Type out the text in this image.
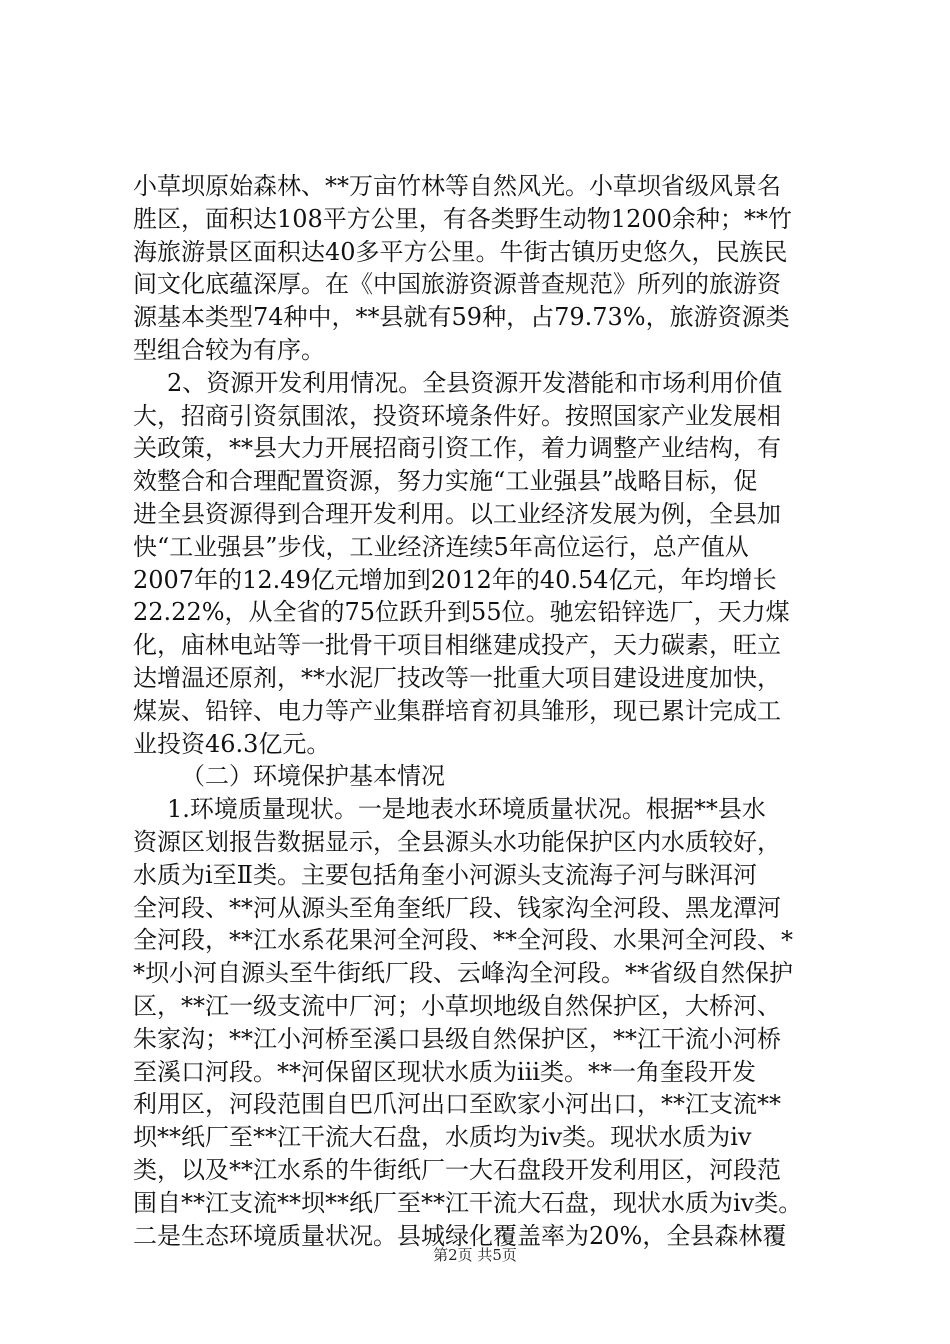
小草坝原始森林、**万亩竹林等自然风光。小草坝省级风景名
胜区，面积达108平方公里，有各类野生动物1200余种；**竹
海旅游景区面积达40多平方公里。牛街古镇历史悠久，民族民
间文化底蕴深厚。在《中国旅游资源普查规范》所列的旅游资
源基本类型74种中，**县就有59种，占79.73%，旅游资源类
型组合较为有序。
2、资源开发利用情况。全县资源开发潜能和市场利用价值
大，招商引资氛围浓，投资环境条件好。按照国家产业发展相
关政策，**县大力开展招商引资工作，着力调整产业结构，有
效整合和合理配置资源，努力实施“工业强县”战略目标，促
进全县资源得到合理开发利用。以工业经济发展为例，全县加
快“工业强县”步伐，工业经济连续5年高位运行，总产值从
2007年的12.49亿元增加到2012年的40.54亿元，年均增长
22.22%，从全省的75位跃升到55位。驰宏铅锌选厂，天力煤
化，庙林电站等一批骨干项目相继建成投产，天力碳素，旺立
达增温还原剂，**水泥厂技改等一批重大项目建设进度加快，
煤炭、铅锌、电力等产业集群培育初具雏形，现已累计完成工
业投资46.3亿元。
（二）环境保护基本情况
1.环境质量现状。一是地表水环境质量状况。根据**县水
资源区划报告数据显示，全县源头水功能保护区内水质较好，
水质为ⅰ至Ⅱ类。主要包括角奎小河源头支流海子河与眯洱河
全河段、**河从源头至角奎纸厂段、钱家沟全河段、黑龙潭河
全河段，**江水系花果河全河段、**全河段、水果河全河段、*
*坝小河自源头至牛街纸厂段、云峰沟全河段。**省级自然保护
区，**江一级支流中厂河；小草坝地级自然保护区，大桥河、
朱家沟；**江小河桥至溪口县级自然保护区，**江干流小河桥
至溪口河段。**河保留区现状水质为ⅲ类。**一角奎段开发
利用区，河段范围自巴爪河出口至欧家小河出口，**江支流**
坝**纸厂至**江干流大石盘，水质均为ⅳ类。现状水质为ⅳ
类，以及**江水系的牛街纸厂一大石盘段开发利用区，河段范
围自**江支流**坝**纸厂至**江干流大石盘，现状水质为ⅳ类。
二是生态环境质量状况。县城绿化覆盖率为20%，全县森林覆
第2页 共5页
